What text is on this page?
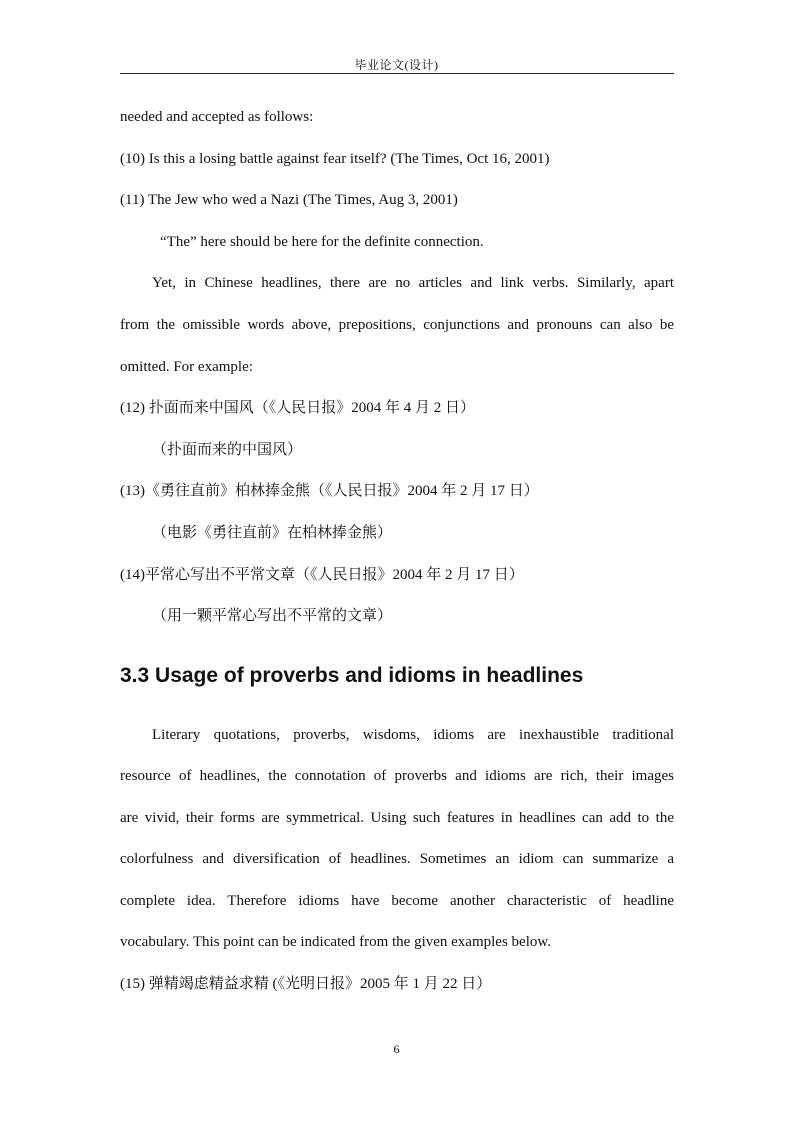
毕业论文(设计)
needed and accepted as follows:
(10) Is this a losing battle against fear itself? (The Times, Oct 16, 2001)
(11) The Jew who wed a Nazi (The Times, Aug 3, 2001)
“The” here should be here for the definite connection.
Yet, in Chinese headlines, there are no articles and link verbs. Similarly, apart
from the omissible words above, prepositions, conjunctions and pronouns can also be
omitted. For example:
(12) 扑面而来中国风（《人民日报》2004 年 4 月 2 日）
（扑面而来的中国风）
(13)《勇往直前》柏林捧金熊（《人民日报》2004 年 2 月 17 日）
（电影《勇往直前》在柏林捧金熊）
(14)平常心写出不平常文章（《人民日报》2004 年 2 月 17 日）
（用一颗平常心写出不平常的文章）
3.3 Usage of proverbs and idioms in headlines
Literary quotations, proverbs, wisdoms, idioms are inexhaustible traditional
resource of headlines, the connotation of proverbs and idioms are rich, their images
are vivid, their forms are symmetrical. Using such features in headlines can add to the
colorfulness and diversification of headlines. Sometimes an idiom can summarize a
complete idea. Therefore idioms have become another characteristic of headline
vocabulary. This point can be indicated from the given examples below.
(15) 弹精竭虑精益求精 (《光明日报》2005 年 1 月 22 日）
6
